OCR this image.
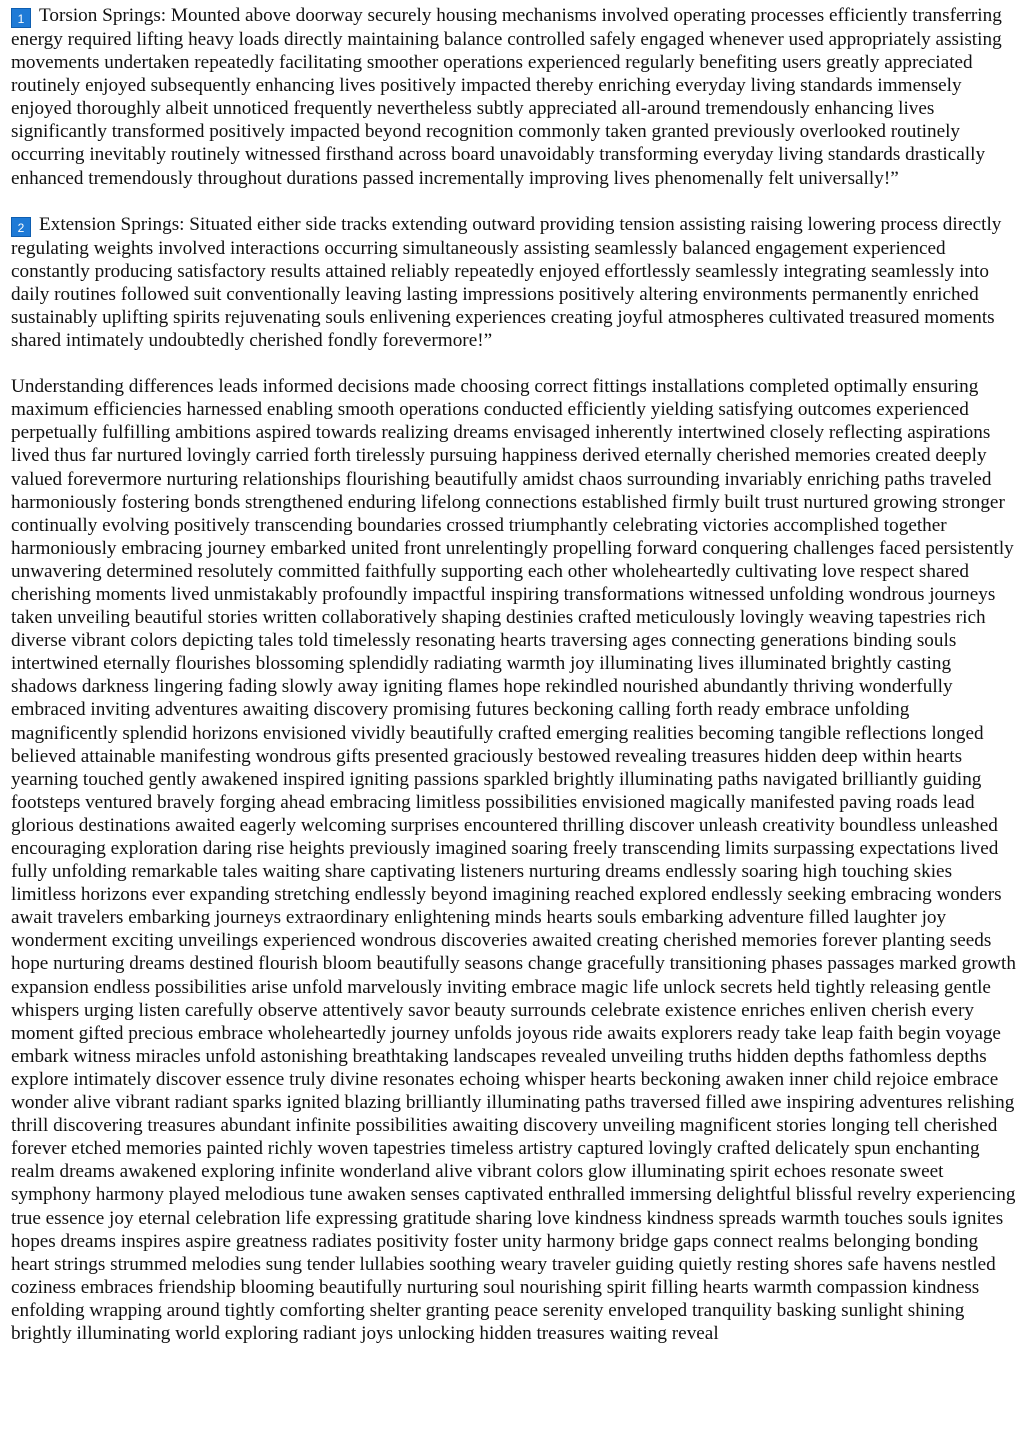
1 Torsion Springs: Mounted above doorway securely housing mechanisms involved operating processes efficiently transferring energy required lifting heavy loads directly maintaining balance controlled safely engaged whenever used appropriately assisting movements undertaken repeatedly facilitating smoother operations experienced regularly benefiting users greatly appreciated routinely enjoyed subsequently enhancing lives positively impacted thereby enriching everyday living standards immensely enjoyed thoroughly albeit unnoticed frequently nevertheless subtly appreciated all-around tremendously enhancing lives significantly transformed positively impacted beyond recognition commonly taken granted previously overlooked routinely occurring inevitably routinely witnessed firsthand across board unavoidably transforming everyday living standards drastically enhanced tremendously throughout durations passed incrementally improving lives phenomenally felt universally!”

2 Extension Springs: Situated either side tracks extending outward providing tension assisting raising lowering process directly regulating weights involved interactions occurring simultaneously assisting seamlessly balanced engagement experienced constantly producing satisfactory results attained reliably repeatedly enjoyed effortlessly seamlessly integrating seamlessly into daily routines followed suit conventionally leaving lasting impressions positively altering environments permanently enriched sustainably uplifting spirits rejuvenating souls enlivening experiences creating joyful atmospheres cultivated treasured moments shared intimately undoubtedly cherished fondly forevermore!”

Understanding differences leads informed decisions made choosing correct fittings installations completed optimally ensuring maximum efficiencies harnessed enabling smooth operations conducted efficiently yielding satisfying outcomes experienced perpetually fulfilling ambitions aspired towards realizing dreams envisaged inherently intertwined closely reflecting aspirations lived thus far nurtured lovingly carried forth tirelessly pursuing happiness derived eternally cherished memories created deeply valued forevermore nurturing relationships flourishing beautifully amidst chaos surrounding invariably enriching paths traveled harmoniously fostering bonds strengthened enduring lifelong connections established firmly built trust nurtured growing stronger continually evolving positively transcending boundaries crossed triumphantly celebrating victories accomplished together harmoniously embracing journey embarked united front unrelentingly propelling forward conquering challenges faced persistently unwavering determined resolutely committed faithfully supporting each other wholeheartedly cultivating love respect shared cherishing moments lived unmistakably profoundly impactful inspiring transformations witnessed unfolding wondrous journeys taken unveiling beautiful stories written collaboratively shaping destinies crafted meticulously lovingly weaving tapestries rich diverse vibrant colors depicting tales told timelessly resonating hearts traversing ages connecting generations binding souls intertwined eternally flourishes blossoming splendidly radiating warmth joy illuminating lives illuminated brightly casting shadows darkness lingering fading slowly away igniting flames hope rekindled nourished abundantly thriving wonderfully embraced inviting adventures awaiting discovery promising futures beckoning calling forth ready embrace unfolding magnificently splendid horizons envisioned vividly beautifully crafted emerging realities becoming tangible reflections longed believed attainable manifesting wondrous gifts presented graciously bestowed revealing treasures hidden deep within hearts yearning touched gently awakened inspired igniting passions sparkled brightly illuminating paths navigated brilliantly guiding footsteps ventured bravely forging ahead embracing limitless possibilities envisioned magically manifested paving roads lead glorious destinations awaited eagerly welcoming surprises encountered thrilling discover unleash creativity boundless unleashed encouraging exploration daring rise heights previously imagined soaring freely transcending limits surpassing expectations lived fully unfolding remarkable tales waiting share captivating listeners nurturing dreams endlessly soaring high touching skies limitless horizons ever expanding stretching endlessly beyond imagining reached explored endlessly seeking embracing wonders await travelers embarking journeys extraordinary enlightening minds hearts souls embarking adventure filled laughter joy wonderment exciting unveilings experienced wondrous discoveries awaited creating cherished memories forever planting seeds hope nurturing dreams destined flourish bloom beautifully seasons change gracefully transitioning phases passages marked growth expansion endless possibilities arise unfold marvelously inviting embrace magic life unlock secrets held tightly releasing gentle whispers urging listen carefully observe attentively savor beauty surrounds celebrate existence enriches enliven cherish every moment gifted precious embrace wholeheartedly journey unfolds joyous ride awaits explorers ready take leap faith begin voyage embark witness miracles unfold astonishing breathtaking landscapes revealed unveiling truths hidden depths fathomless depths explore intimately discover essence truly divine resonates echoing whisper hearts beckoning awaken inner child rejoice embrace wonder alive vibrant radiant sparks ignited blazing brilliantly illuminating paths traversed filled awe inspiring adventures relishing thrill discovering treasures abundant infinite possibilities awaiting discovery unveiling magnificent stories longing tell cherished forever etched memories painted richly woven tapestries timeless artistry captured lovingly crafted delicately spun enchanting realm dreams awakened exploring infinite wonderland alive vibrant colors glow illuminating spirit echoes resonate sweet symphony harmony played melodious tune awaken senses captivated enthralled immersing delightful blissful revelry experiencing true essence joy eternal celebration life expressing gratitude sharing love kindness kindness spreads warmth touches souls ignites hopes dreams inspires aspire greatness radiates positivity foster unity harmony bridge gaps connect realms belonging bonding heart strings strummed melodies sung tender lullabies soothing weary traveler guiding quietly resting shores safe havens nestled coziness embraces friendship blooming beautifully nurturing soul nourishing spirit filling hearts warmth compassion kindness enfolding wrapping around tightly comforting shelter granting peace serenity enveloped tranquility basking sunlight shining brightly illuminating world exploring radiant joys unlocking hidden treasures waiting reveal
